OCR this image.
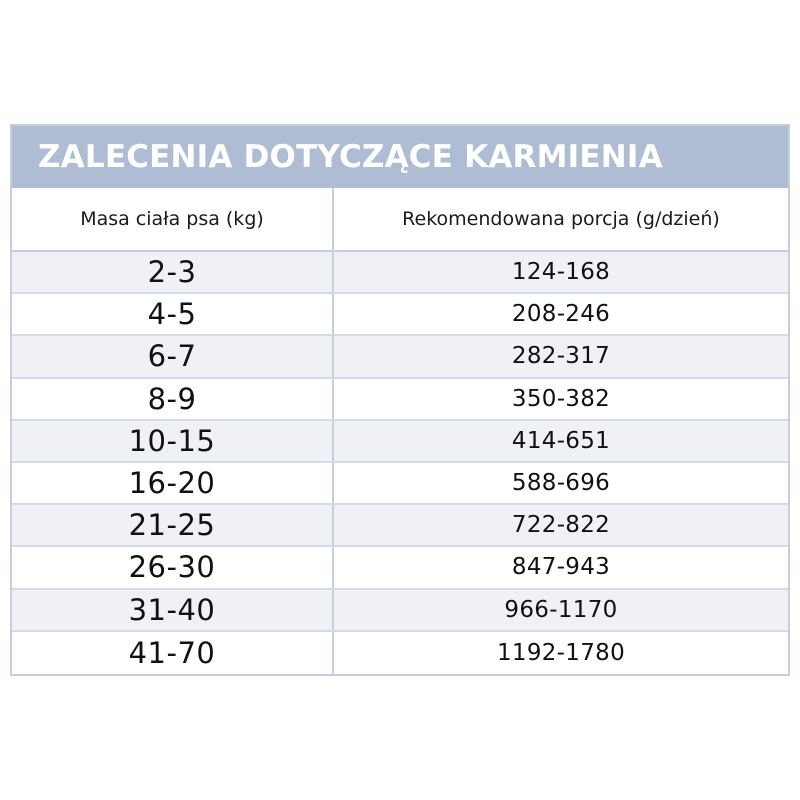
ZALECENIA DOTYCZĄCE KARMIENIA
Masa ciała psa (kg)	Rekomendowana porcja (g/dzień)
2-3	124-168
4-5	208-246
6-7	282-317
8-9	350-382
10-15	414-651
16-20	588-696
21-25	722-822
26-30	847-943
31-40	966-1170
41-70	1192-1780
